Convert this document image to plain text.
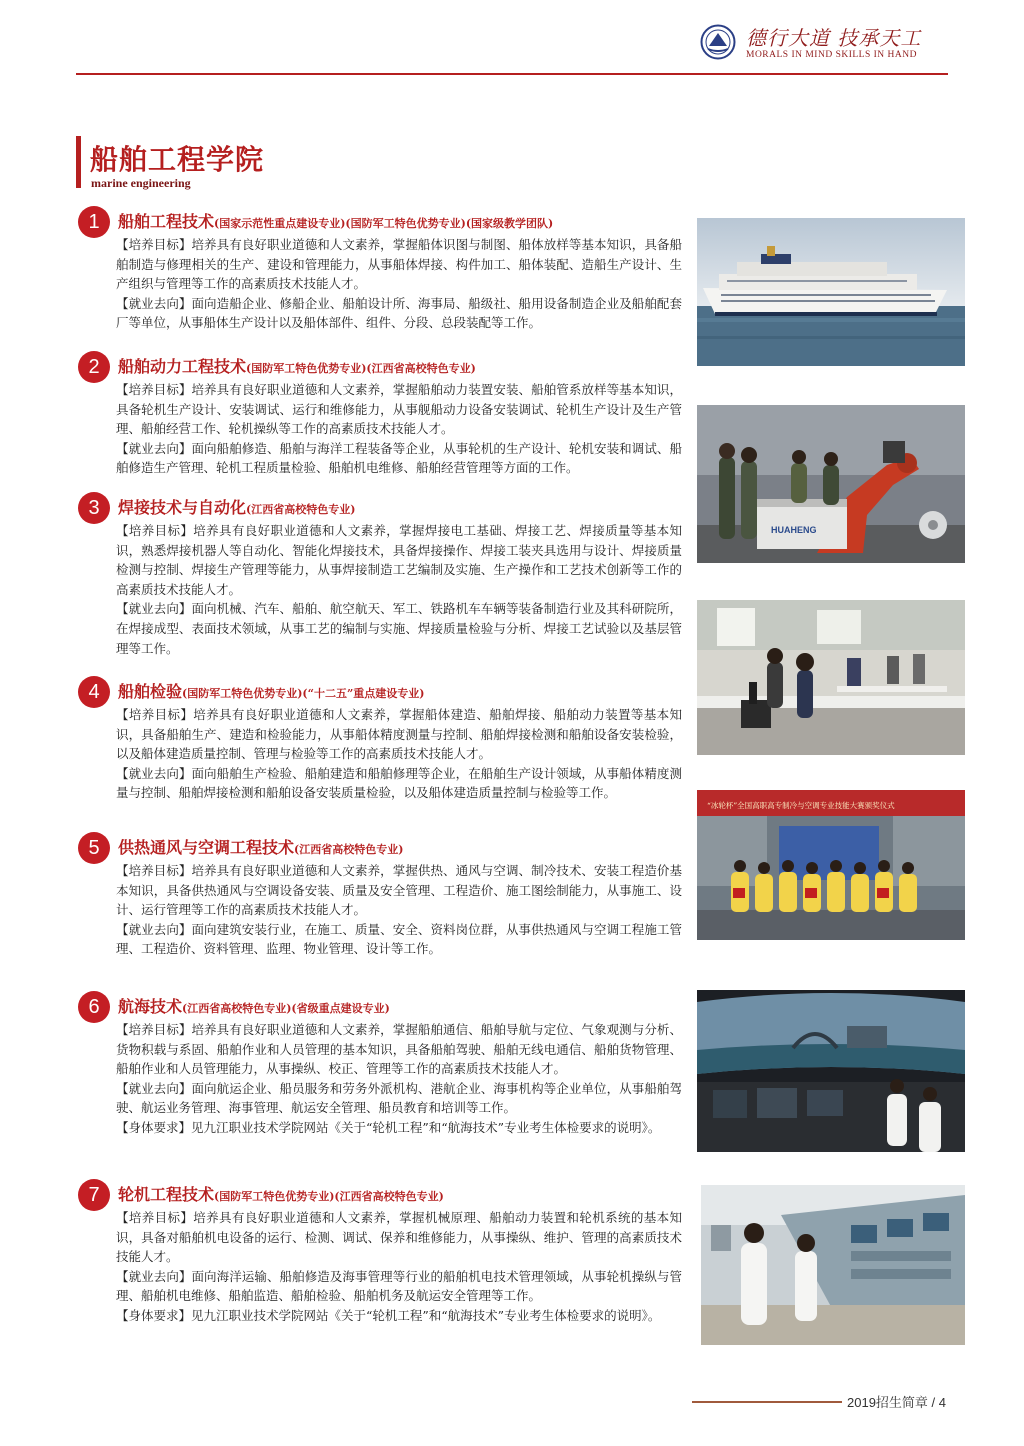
德行大道 技承天工
MORALS IN MIND SKILLS IN HAND
船舶工程学院
marine engineering
1	船舶工程技术(国家示范性重点建设专业)(国防军工特色优势专业)(国家级教学团队)

【培养目标】培养具有良好职业道德和人文素养，掌握船体识图与制图、船体放样等基本知识，具备船舶制造与修理相关的生产、建设和管理能力，从事船体焊接、构件加工、船体装配、造船生产设计、生产组织与管理等工作的高素质技术技能人才。

【就业去向】面向造船企业、修船企业、船舶设计所、海事局、船级社、船用设备制造企业及船舶配套厂等单位，从事船体生产设计以及船体部件、组件、分段、总段装配等工作。

2	船舶动力工程技术(国防军工特色优势专业)(江西省高校特色专业)

【培养目标】培养具有良好职业道德和人文素养，掌握船舶动力装置安装、船舶管系放样等基本知识，具备轮机生产设计、安装调试、运行和维修能力，从事舰船动力设备安装调试、轮机生产设计及生产管理、船舶经营工作、轮机操纵等工作的高素质技术技能人才。

【就业去向】面向船舶修造、船舶与海洋工程装备等企业，从事轮机的生产设计、轮机安装和调试、船舶修造生产管理、轮机工程质量检验、船舶机电维修、船舶经营管理等方面的工作。

3	焊接技术与自动化(江西省高校特色专业)

【培养目标】培养具有良好职业道德和人文素养，掌握焊接电工基础、焊接工艺、焊接质量等基本知识，熟悉焊接机器人等自动化、智能化焊接技术，具备焊接操作、焊接工装夹具选用与设计、焊接质量检测与控制、焊接生产管理等能力，从事焊接制造工艺编制及实施、生产操作和工艺技术创新等工作的高素质技术技能人才。

【就业去向】面向机械、汽车、船舶、航空航天、军工、铁路机车车辆等装备制造行业及其科研院所，在焊接成型、表面技术领域，从事工艺的编制与实施、焊接质量检验与分析、焊接工艺试验以及基层管理等工作。

4	船舶检验(国防军工特色优势专业)(“十二五”重点建设专业)

【培养目标】培养具有良好职业道德和人文素养，掌握船体建造、船舶焊接、船舶动力装置等基本知识，具备船舶生产、建造和检验能力，从事船体精度测量与控制、船舶焊接检测和船舶设备安装检验，以及船体建造质量控制、管理与检验等工作的高素质技术技能人才。

【就业去向】面向船舶生产检验、船舶建造和船舶修理等企业，在船舶生产设计领域，从事船体精度测量与控制、船舶焊接检测和船舶设备安装质量检验，以及船体建造质量控制与检验等工作。

5	供热通风与空调工程技术(江西省高校特色专业)

【培养目标】培养具有良好职业道德和人文素养，掌握供热、通风与空调、制冷技术、安装工程造价基本知识，具备供热通风与空调设备安装、质量及安全管理、工程造价、施工图绘制能力，从事施工、设计、运行管理等工作的高素质技术技能人才。

【就业去向】面向建筑安装行业，在施工、质量、安全、资料岗位群，从事供热通风与空调工程施工管理、工程造价、资料管理、监理、物业管理、设计等工作。

6	航海技术(江西省高校特色专业)(省级重点建设专业)

【培养目标】培养具有良好职业道德和人文素养，掌握船舶通信、船舶导航与定位、气象观测与分析、货物积载与系固、船舶作业和人员管理的基本知识，具备船舶驾驶、船舶无线电通信、船舶货物管理、船舶作业和人员管理能力，从事操纵、校正、管理等工作的高素质技术技能人才。

【就业去向】面向航运企业、船员服务和劳务外派机构、港航企业、海事机构等企业单位，从事船舶驾驶、航运业务管理、海事管理、航运安全管理、船员教育和培训等工作。

【身体要求】见九江职业技术学院网站《关于“轮机工程”和“航海技术”专业考生体检要求的说明》。

7	轮机工程技术(国防军工特色优势专业)(江西省高校特色专业)

【培养目标】培养具有良好职业道德和人文素养，掌握机械原理、船舶动力装置和轮机系统的基本知识，具备对船舶机电设备的运行、检测、调试、保养和维修能力，从事操纵、维护、管理的高素质技术技能人才。

【就业去向】面向海洋运输、船舶修造及海事管理等行业的船舶机电技术管理领域，从事轮机操纵与管理、船舶机电维修、船舶监造、船舶检验、船舶机务及航运安全管理等工作。

【身体要求】见九江职业技术学院网站《关于“轮机工程”和“航海技术”专业考生体检要求的说明》。

HUAHENG
“冰轮杯”全国高职高专制冷与空调专业技能大赛颁奖仪式
2019招生简章 / 4
